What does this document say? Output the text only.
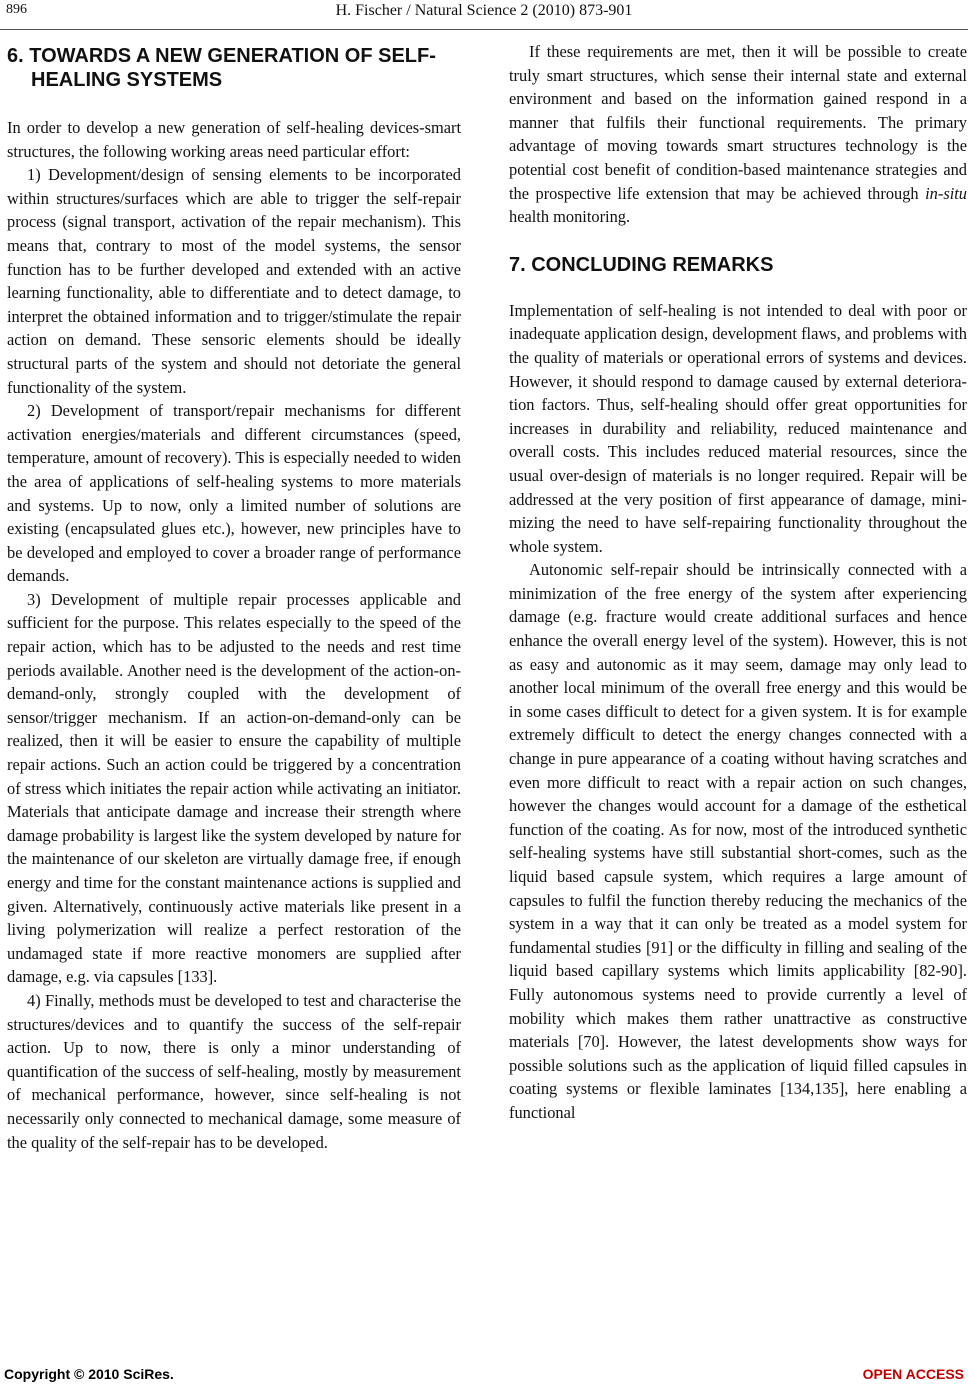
896	H. Fischer / Natural Science 2 (2010) 873-901
6. TOWARDS A NEW GENERATION OF SELF-HEALING SYSTEMS

In order to develop a new generation of self-healing devices-smart structures, the following working areas need particular effort:

1) Development/design of sensing elements to be incorporated within structures/surfaces which are able to trigger the self-repair process (signal transport, activation of the repair mechanism). This means that, contrary to most of the model systems, the sensor function has to be further developed and extended with an active learning functionality, able to differentiate and to detect damage, to interpret the obtained information and to trigger/stimulate the repair action on demand. These sensoric elements should be ideally structural parts of the system and should not detoriate the general functionality of the system.

2) Development of transport/repair mechanisms for different activation energies/materials and different circumstances (speed, temperature, amount of recovery). This is especially needed to widen the area of applications of self-healing systems to more materials and systems. Up to now, only a limited number of solutions are existing (encapsulated glues etc.), however, new principles have to be developed and employed to cover a broader range of performance demands.

3) Development of multiple repair processes applicable and sufficient for the purpose. This relates especially to the speed of the repair action, which has to be adjusted to the needs and rest time periods available. Another need is the development of the action-on-demand-only, strongly coupled with the development of sensor/trigger mechanism. If an action-on-demand-only can be realized, then it will be easier to ensure the capability of multiple repair actions. Such an action could be triggered by a concentration of stress which initiates the repair action while activating an initiator. Materials that anticipate damage and increase their strength where damage probability is largest like the system developed by nature for the maintenance of our skeleton are virtually damage free, if enough energy and time for the constant maintenance actions is supplied and given. Alternatively, continuously active materials like present in a living polymerization will realize a perfect restoration of the undamaged state if more reactive monomers are supplied after damage, e.g. via capsules [133].

4) Finally, methods must be developed to test and characterise the structures/devices and to quantify the success of the self-repair action. Up to now, there is only a minor understanding of quantification of the success of self-healing, mostly by measurement of mechanical performance, however, since self-healing is not necessarily only connected to mechanical damage, some measure of the quality of the self-repair has to be developed.

If these requirements are met, then it will be possible to create truly smart structures, which sense their internal state and external environment and based on the information gained respond in a manner that fulfils their functional requirements. The primary advantage of moving towards smart structures technology is the potential cost benefit of condition-based maintenance strategies and the prospective life extension that may be achieved through in-situ health monitoring.

7. CONCLUDING REMARKS

Implementation of self-healing is not intended to deal with poor or inadequate application design, development flaws, and problems with the quality of materials or operational errors of systems and devices. However, it should respond to damage caused by external deterioration factors. Thus, self-healing should offer great opportunities for increases in durability and reliability, reduced maintenance and overall costs. This includes reduced material resources, since the usual over-design of materials is no longer required. Repair will be addressed at the very position of first appearance of damage, minimizing the need to have self-repairing functionality throughout the whole system.

Autonomic self-repair should be intrinsically connected with a minimization of the free energy of the system after experiencing damage (e.g. fracture would create additional surfaces and hence enhance the overall energy level of the system). However, this is not as easy and autonomic as it may seem, damage may only lead to another local minimum of the overall free energy and this would be in some cases difficult to detect for a given system. It is for example extremely difficult to detect the energy changes connected with a change in pure appearance of a coating without having scratches and even more difficult to react with a repair action on such changes, however the changes would account for a damage of the esthetical function of the coating. As for now, most of the introduced synthetic self-healing systems have still substantial short-comes, such as the liquid based capsule system, which requires a large amount of capsules to fulfil the function thereby reducing the mechanics of the system in a way that it can only be treated as a model system for fundamental studies [91] or the difficulty in filling and sealing of the liquid based capillary systems which limits applicability [82-90]. Fully autonomous systems need to provide currently a level of mobility which makes them rather unattractive as constructive materials [70]. However, the latest developments show ways for possible solutions such as the application of liquid filled capsules in coating systems or flexible laminates [134,135], here enabling a functional

Copyright © 2010 SciRes.	OPEN ACCESS
